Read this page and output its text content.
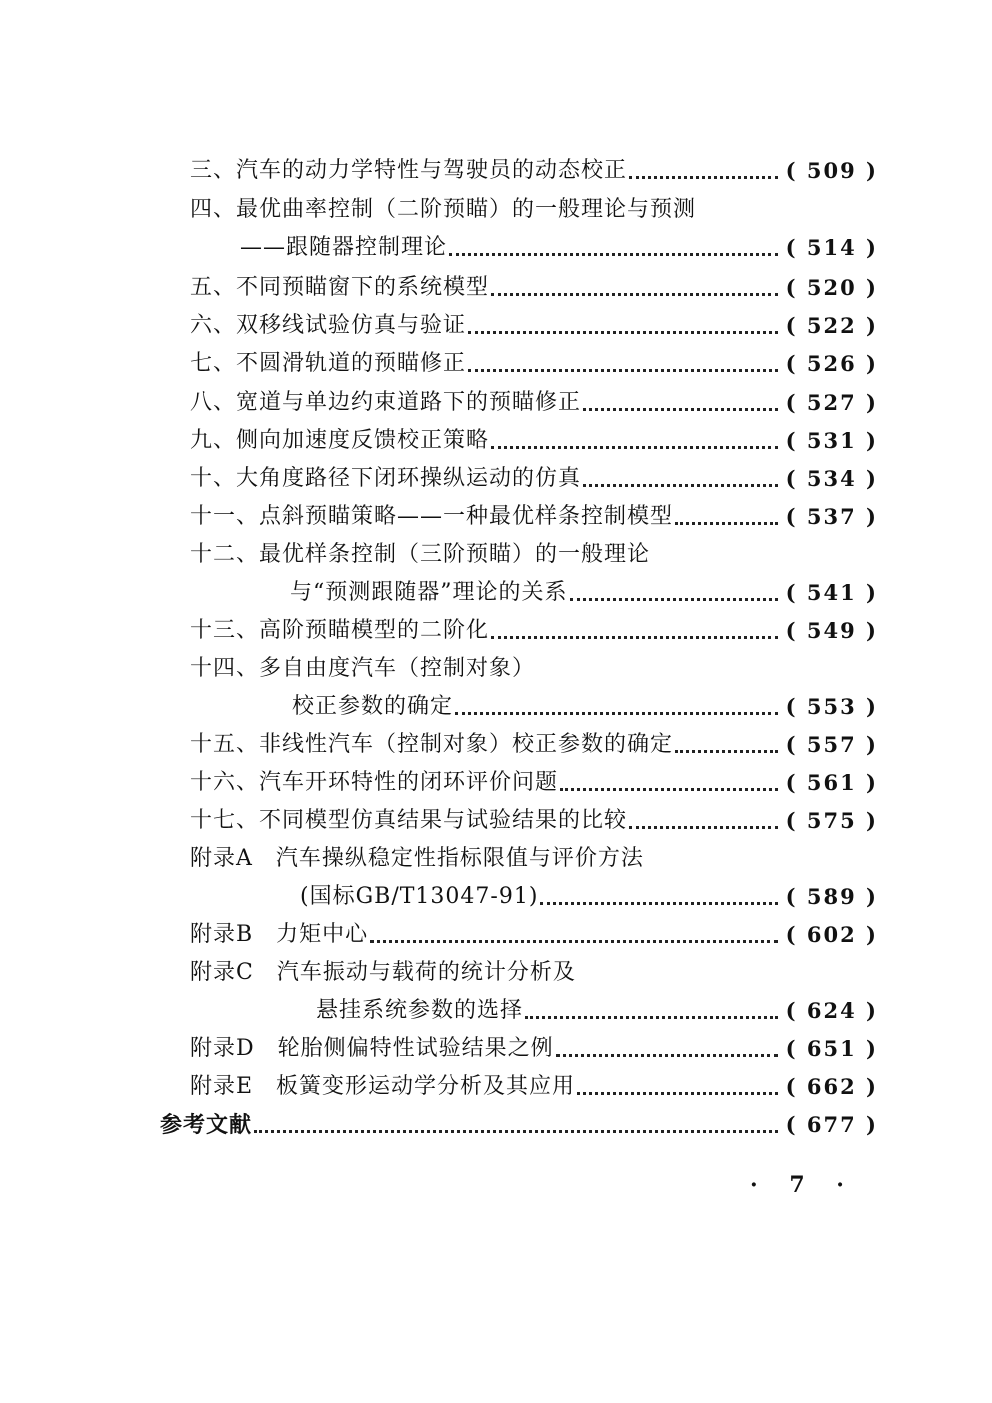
三、汽车的动力学特性与驾驶员的动态校正	( 509 )
四、最优曲率控制（二阶预瞄）的一般理论与预测
——跟随器控制理论	( 514 )
五、不同预瞄窗下的系统模型	( 520 )
六、双移线试验仿真与验证	( 522 )
七、不圆滑轨道的预瞄修正	( 526 )
八、宽道与单边约束道路下的预瞄修正	( 527 )
九、侧向加速度反馈校正策略	( 531 )
十、大角度路径下闭环操纵运动的仿真	( 534 )
十一、点斜预瞄策略——一种最优样条控制模型	( 537 )
十二、最优样条控制（三阶预瞄）的一般理论
与“预测跟随器”理论的关系	( 541 )
十三、高阶预瞄模型的二阶化	( 549 )
十四、多自由度汽车（控制对象）
校正参数的确定	( 553 )
十五、非线性汽车（控制对象）校正参数的确定	( 557 )
十六、汽车开环特性的闭环评价问题	( 561 )
十七、不同模型仿真结果与试验结果的比较	( 575 )
附录A　汽车操纵稳定性指标限值与评价方法
(国标GB/T13047-91)	( 589 )
附录B　力矩中心	( 602 )
附录C　汽车振动与载荷的统计分析及
悬挂系统参数的选择	( 624 )
附录D　轮胎侧偏特性试验结果之例	( 651 )
附录E　板簧变形运动学分析及其应用	( 662 )
参考文献	( 677 )
· 7 ·
